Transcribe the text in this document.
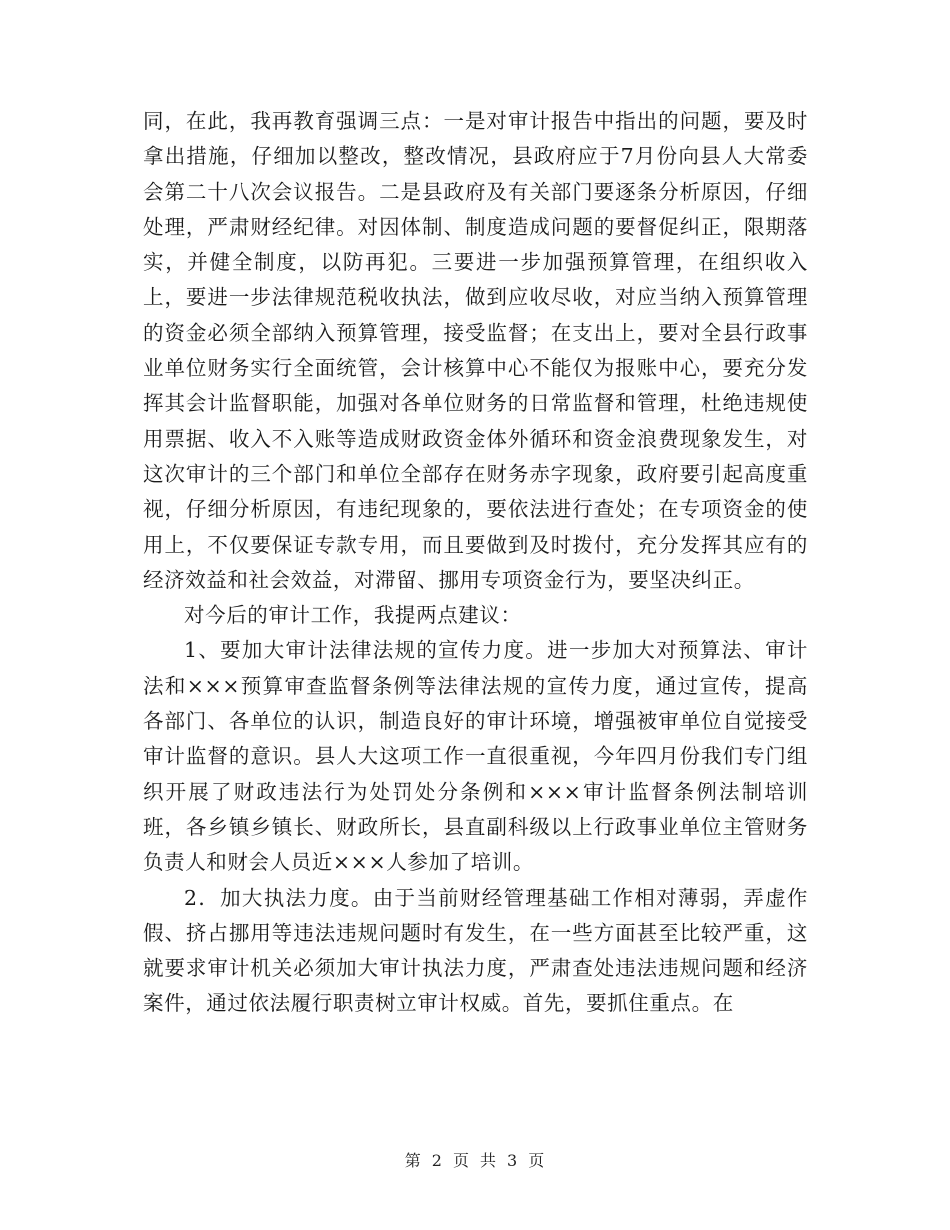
同，在此，我再教育强调三点：一是对审计报告中指出的问题，要及时拿出措施，仔细加以整改，整改情况，县政府应于7月份向县人大常委会第二十八次会议报告。二是县政府及有关部门要逐条分析原因，仔细处理，严肃财经纪律。对因体制、制度造成问题的要督促纠正，限期落实，并健全制度，以防再犯。三要进一步加强预算管理，在组织收入上，要进一步法律规范税收执法，做到应收尽收，对应当纳入预算管理的资金必须全部纳入预算管理，接受监督；在支出上，要对全县行政事业单位财务实行全面统管，会计核算中心不能仅为报账中心，要充分发挥其会计监督职能，加强对各单位财务的日常监督和管理，杜绝违规使用票据、收入不入账等造成财政资金体外循环和资金浪费现象发生，对这次审计的三个部门和单位全部存在财务赤字现象，政府要引起高度重视，仔细分析原因，有违纪现象的，要依法进行查处；在专项资金的使用上，不仅要保证专款专用，而且要做到及时拨付，充分发挥其应有的经济效益和社会效益，对滞留、挪用专项资金行为，要坚决纠正。

对今后的审计工作，我提两点建议：

1、要加大审计法律法规的宣传力度。进一步加大对预算法、审计法和×××预算审查监督条例等法律法规的宣传力度，通过宣传，提高各部门、各单位的认识，制造良好的审计环境，增强被审单位自觉接受审计监督的意识。县人大这项工作一直很重视，今年四月份我们专门组织开展了财政违法行为处罚处分条例和×××审计监督条例法制培训班，各乡镇乡镇长、财政所长，县直副科级以上行政事业单位主管财务负责人和财会人员近×××人参加了培训。

2．加大执法力度。由于当前财经管理基础工作相对薄弱，弄虚作假、挤占挪用等违法违规问题时有发生，在一些方面甚至比较严重，这就要求审计机关必须加大审计执法力度，严肃查处违法违规问题和经济案件，通过依法履行职责树立审计权威。首先，要抓住重点。在

第 2 页 共 3 页
